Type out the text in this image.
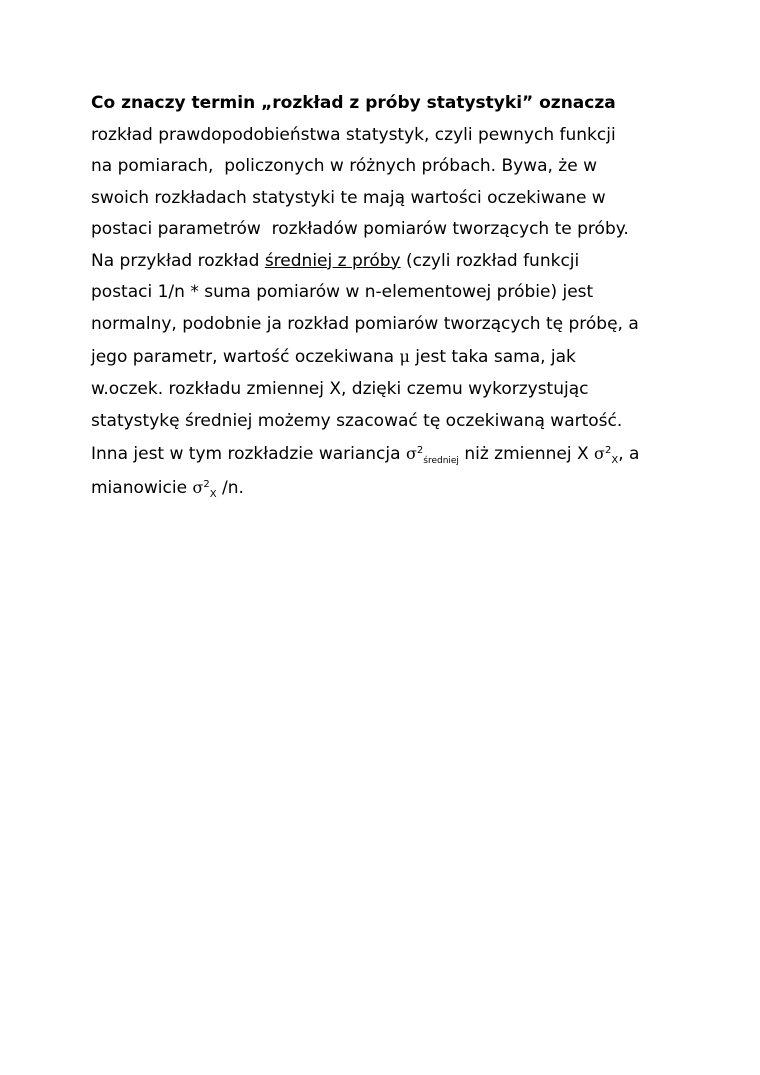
Co znaczy termin „rozkład z próby statystyki” oznacza
rozkład prawdopodobieństwa statystyk, czyli pewnych funkcji
na pomiarach,  policzonych w różnych próbach. Bywa, że w
swoich rozkładach statystyki te mają wartości oczekiwane w
postaci parametrów  rozkładów pomiarów tworzących te próby.
Na przykład rozkład średniej z próby (czyli rozkład funkcji
postaci 1/n * suma pomiarów w n-elementowej próbie) jest
normalny, podobnie ja rozkład pomiarów tworzących tę próbę, a
jego parametr, wartość oczekiwana μ jest taka sama, jak
w.oczek. rozkładu zmiennej X, dzięki czemu wykorzystując
statystykę średniej możemy szacować tę oczekiwaną wartość.
Inna jest w tym rozkładzie wariancja $\sigma^2_{średniej}$ niż zmiennej X $\sigma^2_X$, a
mianowicie $\sigma^2_X$ /n.
